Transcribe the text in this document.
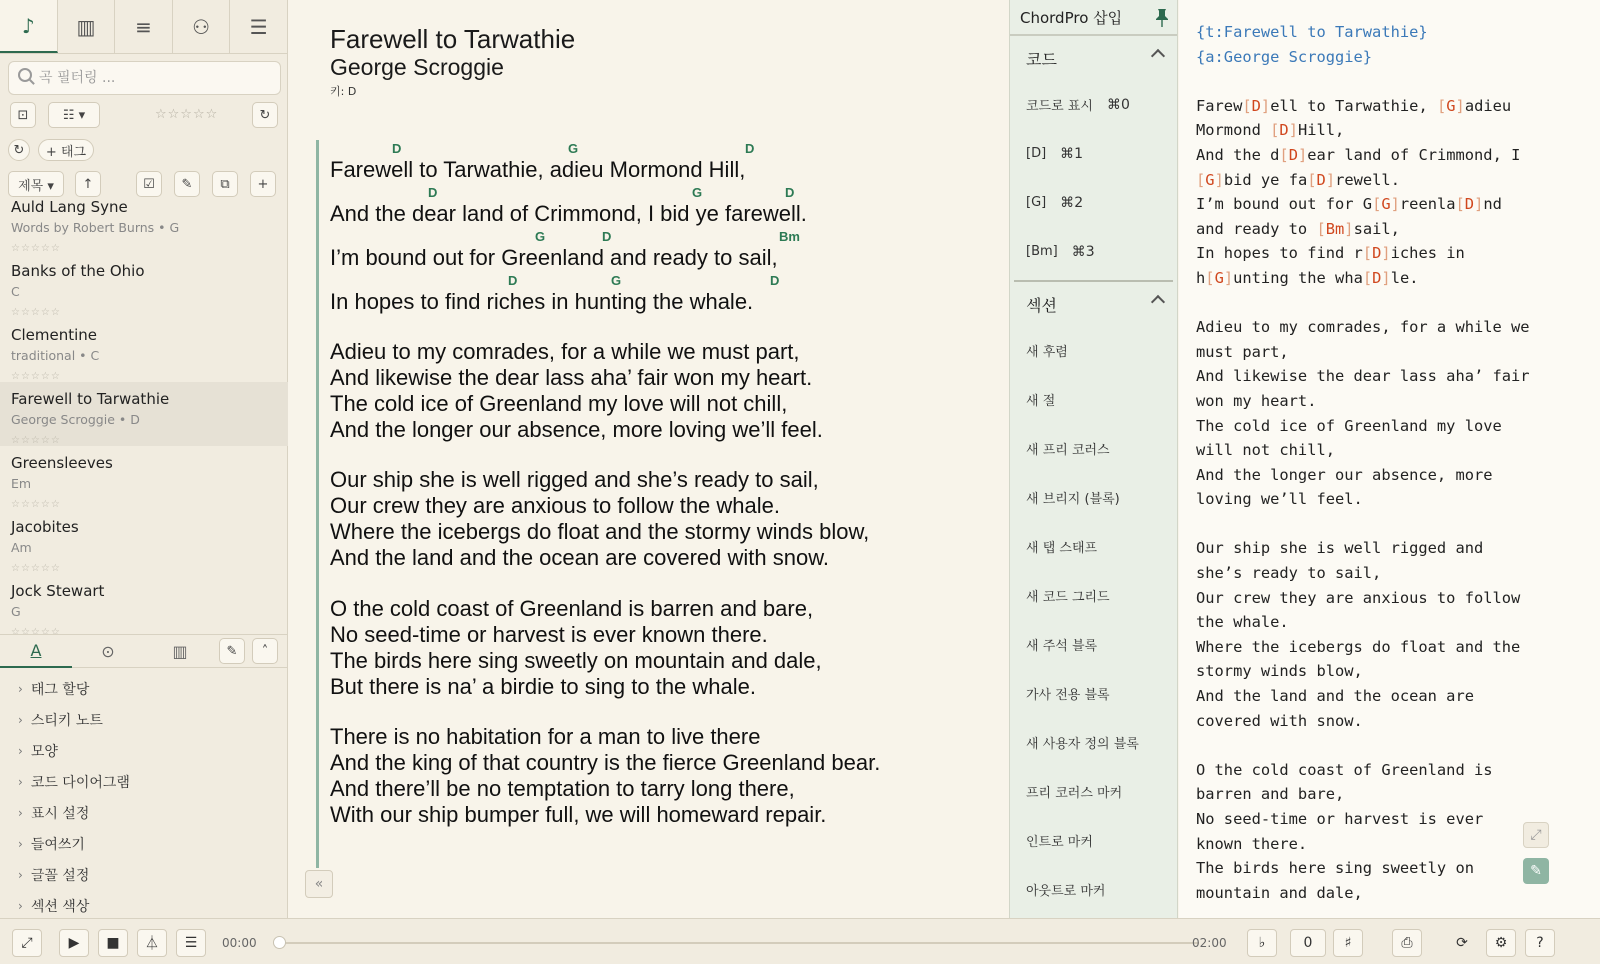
♪ ▥ ≡ ⚇ ☰
곡 필터링 ...
⊡	☷ ▾	☆☆☆☆☆	↻
↻	+ 태그
제목 ▾	↑	☑ ✎ ⧉ +
Auld Lang Syne
Words by Robert Burns • G
☆☆☆☆☆
Banks of the Ohio
C
☆☆☆☆☆
Clementine
traditional • C
☆☆☆☆☆
Farewell to Tarwathie
George Scroggie • D
☆☆☆☆☆
Greensleeves
Em
☆☆☆☆☆
Jacobites
Am
☆☆☆☆☆
Jock Stewart
G
☆☆☆☆☆
A	⊙	▥	✎ ˄
› 태그 할당
› 스티키 노트
› 모양
› 코드 다이어그램
› 표시 설정
› 들여쓰기
› 글꼴 설정
› 섹션 색상
Farewell to Tarwathie
George Scroggie
키: D
Farewell to Tarwathie, adieu Mormond Hill,
And the dear land of Crimmond, I bid ye farewell.
I’m bound out for Greenland and ready to sail,
In hopes to find riches in hunting the whale.
Adieu to my comrades, for a while we must part,
And likewise the dear lass aha’ fair won my heart.
The cold ice of Greenland my love will not chill,
And the longer our absence, more loving we’ll feel.
Our ship she is well rigged and she’s ready to sail,
Our crew they are anxious to follow the whale.
Where the icebergs do float and the stormy winds blow,
And the land and the ocean are covered with snow.
O the cold coast of Greenland is barren and bare,
No seed-time or harvest is ever known there.
The birds here sing sweetly on mountain and dale,
But there is na’ a birdie to sing to the whale.
There is no habitation for a man to live there
And the king of that country is the fierce Greenland bear.
And there’ll be no temptation to tarry long there,
With our ship bumper full, we will homeward repair.
D	G	D
D	G	D
G	D	Bm
D	G	D
«
ChordPro 삽입
코드
코드로 표시 ⌘0
[D] ⌘1
[G] ⌘2
[Bm] ⌘3
섹션
새 후렴
새 절
새 프리 코러스
새 브리지 (블록)
새 탭 스태프
새 코드 그리드
새 주석 블록
가사 전용 블록
새 사용자 정의 블록
프리 코러스 마커
인트로 마커
아웃트로 마커
{t:Farewell to Tarwathie}
{a:George Scroggie}

Farew[D]ell to Tarwathie, [G]adieu
Mormond [D]Hill,
And the d[D]ear land of Crimmond, I
[G]bid ye fa[D]rewell.
I’m bound out for G[G]reenla[D]nd
and ready to [Bm]sail,
In hopes to find r[D]iches in
h[G]unting the wha[D]le.

Adieu to my comrades, for a while we
must part,
And likewise the dear lass aha’ fair
won my heart.
The cold ice of Greenland my love
will not chill,
And the longer our absence, more
loving we’ll feel.

Our ship she is well rigged and
she’s ready to sail,
Our crew they are anxious to follow
the whale.
Where the icebergs do float and the
stormy winds blow,
And the land and the ocean are
covered with snow.

O the cold coast of Greenland is
barren and bare,
No seed-time or harvest is ever
known there.
The birds here sing sweetly on
mountain and dale,
⤢
✎
⤢	▶ ■ ⏃ ☰ 00:00	02:00 ♭	0 ♯	⎙	⟳ ⚙ ?
